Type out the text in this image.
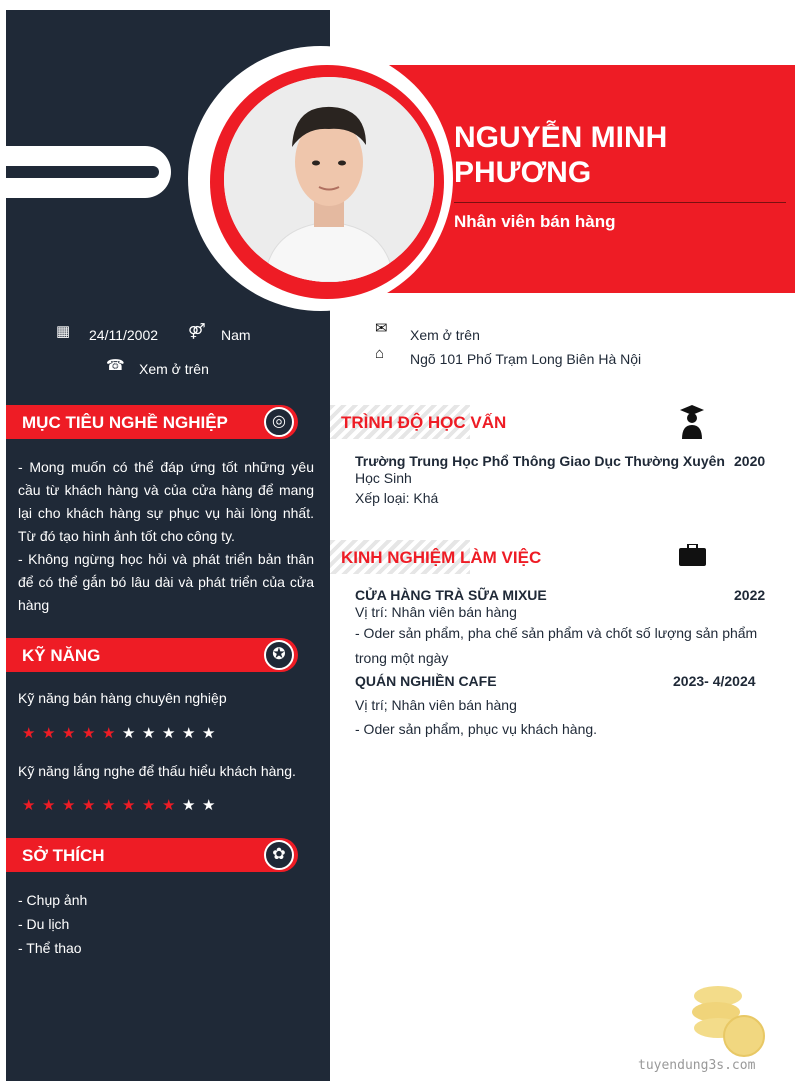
NGUYỄN MINH
PHƯƠNG
Nhân viên bán hàng
▦ 24/11/2002 ⚤ Nam
☎ Xem ở trên
✉ Xem ở trên
⌂ Ngõ 101 Phố Trạm Long Biên Hà Nội
MỤC TIÊU NGHỀ NGHIỆP	◎
- Mong muốn có thể đáp ứng tốt những yêu cầu từ khách hàng và của cửa hàng để mang lại cho khách hàng sự phục vụ hài lòng nhất. Từ đó tạo hình ảnh tốt cho công ty.
- Không ngừng học hỏi và phát triển bản thân để có thể gắn bó lâu dài và phát triển của cửa hàng
KỸ NĂNG	✪
Kỹ năng bán hàng chuyên nghiệp
★ ★ ★ ★ ★ ★ ★ ★ ★ ★
Kỹ năng lắng nghe để thấu hiểu khách hàng.
★ ★ ★ ★ ★ ★ ★ ★ ★ ★
SỞ THÍCH	✿
- Chụp ảnh
- Du lịch
- Thể thao
TRÌNH ĐỘ HỌC VẤN
Trường Trung Học Phổ Thông Giao Dục Thường Xuyên 2020
Học Sinh
Xếp loại: Khá
KINH NGHIỆM LÀM VIỆC
CỬA HÀNG TRÀ SỮA MIXUE	2022
Vị trí: Nhân viên bán hàng
- Oder sản phẩm, pha chế sản phẩm và chốt số lượng sản phẩm trong một ngày
QUÁN NGHIỀN CAFE	2023- 4/2024
Vị trí; Nhân viên bán hàng
- Oder sản phẩm, phục vụ khách hàng.
tuyendung3s.com
